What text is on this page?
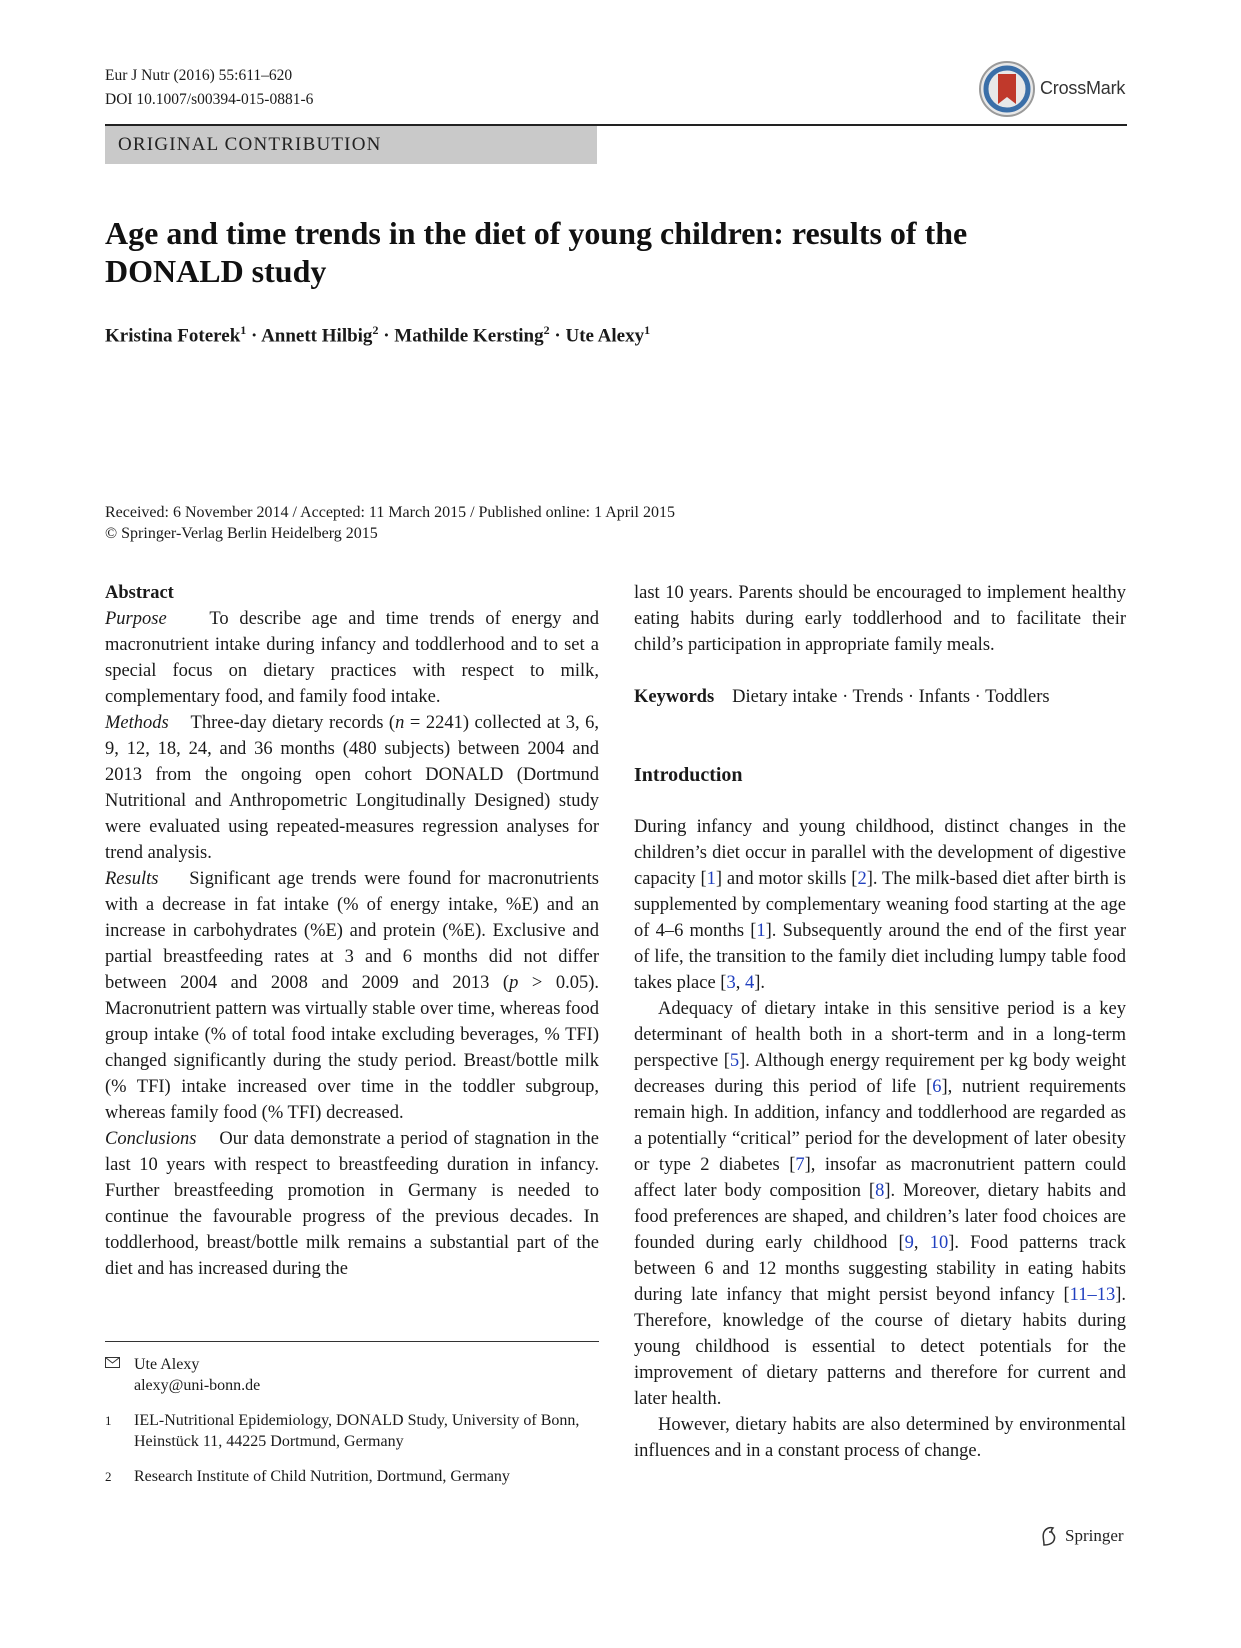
Eur J Nutr (2016) 55:611–620
DOI 10.1007/s00394-015-0881-6
CrossMark
ORIGINAL CONTRIBUTION
Age and time trends in the diet of young children: results of the DONALD study
Kristina Foterek$^1$ · Annett Hilbig$^2$ · Mathilde Kersting$^2$ · Ute Alexy$^1$
Received: 6 November 2014 / Accepted: 11 March 2015 / Published online: 1 April 2015
© Springer-Verlag Berlin Heidelberg 2015

Abstract

Purpose To describe age and time trends of energy and macronutrient intake during infancy and toddlerhood and to set a special focus on dietary practices with respect to milk, complementary food, and family food intake.

Methods Three-day dietary records (n = 2241) collected at 3, 6, 9, 12, 18, 24, and 36 months (480 subjects) between 2004 and 2013 from the ongoing open cohort DONALD (Dortmund Nutritional and Anthropometric Longitudinally Designed) study were evaluated using repeated-measures regression analyses for trend analysis.

Results Significant age trends were found for macronutrients with a decrease in fat intake (% of energy intake, %E) and an increase in carbohydrates (%E) and protein (%E). Exclusive and partial breastfeeding rates at 3 and 6 months did not differ between 2004 and 2008 and 2009 and 2013 (p > 0.05). Macronutrient pattern was virtually stable over time, whereas food group intake (% of total food intake excluding beverages, % TFI) changed significantly during the study period. Breast/bottle milk (% TFI) intake increased over time in the toddler subgroup, whereas family food (% TFI) decreased.

Conclusions Our data demonstrate a period of stagnation in the last 10 years with respect to breastfeeding duration in infancy. Further breastfeeding promotion in Germany is needed to continue the favourable progress of the previous decades. In toddlerhood, breast/bottle milk remains a substantial part of the diet and has increased during the

Ute Alexy
alexy@uni-bonn.de
1	IEL-Nutritional Epidemiology, DONALD Study, University of Bonn, Heinstück 11, 44225 Dortmund, Germany
2	Research Institute of Child Nutrition, Dortmund, Germany

last 10 years. Parents should be encouraged to implement healthy eating habits during early toddlerhood and to facilitate their child’s participation in appropriate family meals.

Keywords Dietary intake · Trends · Infants · Toddlers

Introduction

During infancy and young childhood, distinct changes in the children’s diet occur in parallel with the development of digestive capacity [1] and motor skills [2]. The milk-based diet after birth is supplemented by complementary weaning food starting at the age of 4–6 months [1]. Subsequently around the end of the first year of life, the transition to the family diet including lumpy table food takes place [3, 4].

Adequacy of dietary intake in this sensitive period is a key determinant of health both in a short-term and in a long-term perspective [5]. Although energy requirement per kg body weight decreases during this period of life [6], nutrient requirements remain high. In addition, infancy and toddlerhood are regarded as a potentially “critical” period for the development of later obesity or type 2 diabetes [7], insofar as macronutrient pattern could affect later body composition [8]. Moreover, dietary habits and food preferences are shaped, and children’s later food choices are founded during early childhood [9, 10]. Food patterns track between 6 and 12 months suggesting stability in eating habits during late infancy that might persist beyond infancy [11–13]. Therefore, knowledge of the course of dietary habits during young childhood is essential to detect potentials for the improvement of dietary patterns and therefore for current and later health.

However, dietary habits are also determined by environmental influences and in a constant process of change.

Springer
